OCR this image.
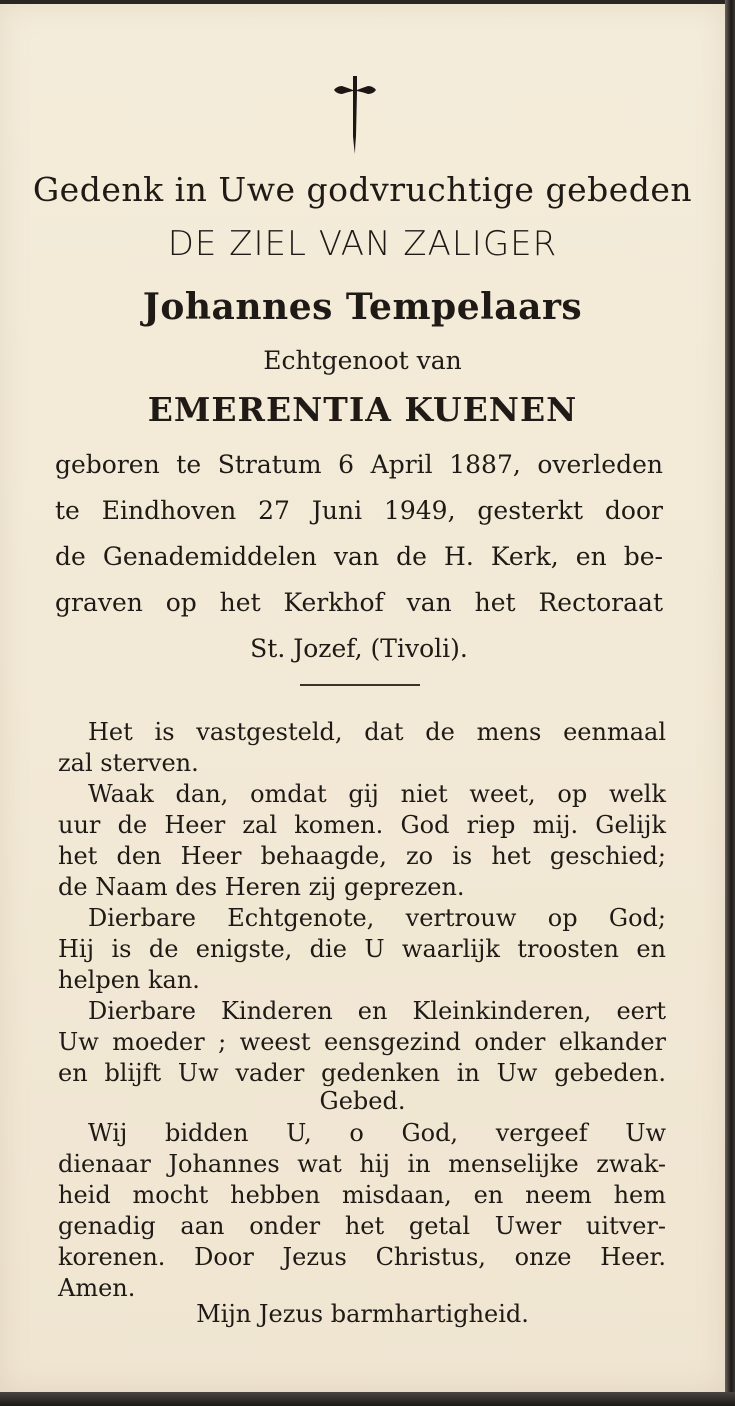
Gedenk in Uwe godvruchtige gebeden
DE ZIEL VAN ZALIGER
Johannes Tempelaars
Echtgenoot van
EMERENTIA KUENEN
geboren te Stratum 6 April 1887, overleden
te Eindhoven 27 Juni 1949, gesterkt door
de Genademiddelen van de H. Kerk, en be-
graven op het Kerkhof van het Rectoraat
St. Jozef, (Tivoli).
Het is vastgesteld, dat de mens eenmaal
zal sterven.
Waak dan, omdat gij niet weet, op welk
uur de Heer zal komen. God riep mij. Gelijk
het den Heer behaagde, zo is het geschied;
de Naam des Heren zij geprezen.
Dierbare Echtgenote, vertrouw op God;
Hij is de enigste, die U waarlijk troosten en
helpen kan.
Dierbare Kinderen en Kleinkinderen, eert
Uw moeder ; weest eensgezind onder elkander
en blijft Uw vader gedenken in Uw gebeden.
Gebed.
Wij bidden U, o God, vergeef Uw
dienaar Johannes wat hij in menselijke zwak-
heid mocht hebben misdaan, en neem hem
genadig aan onder het getal Uwer uitver-
korenen. Door Jezus Christus, onze Heer.
Amen.
Mijn Jezus barmhartigheid.
